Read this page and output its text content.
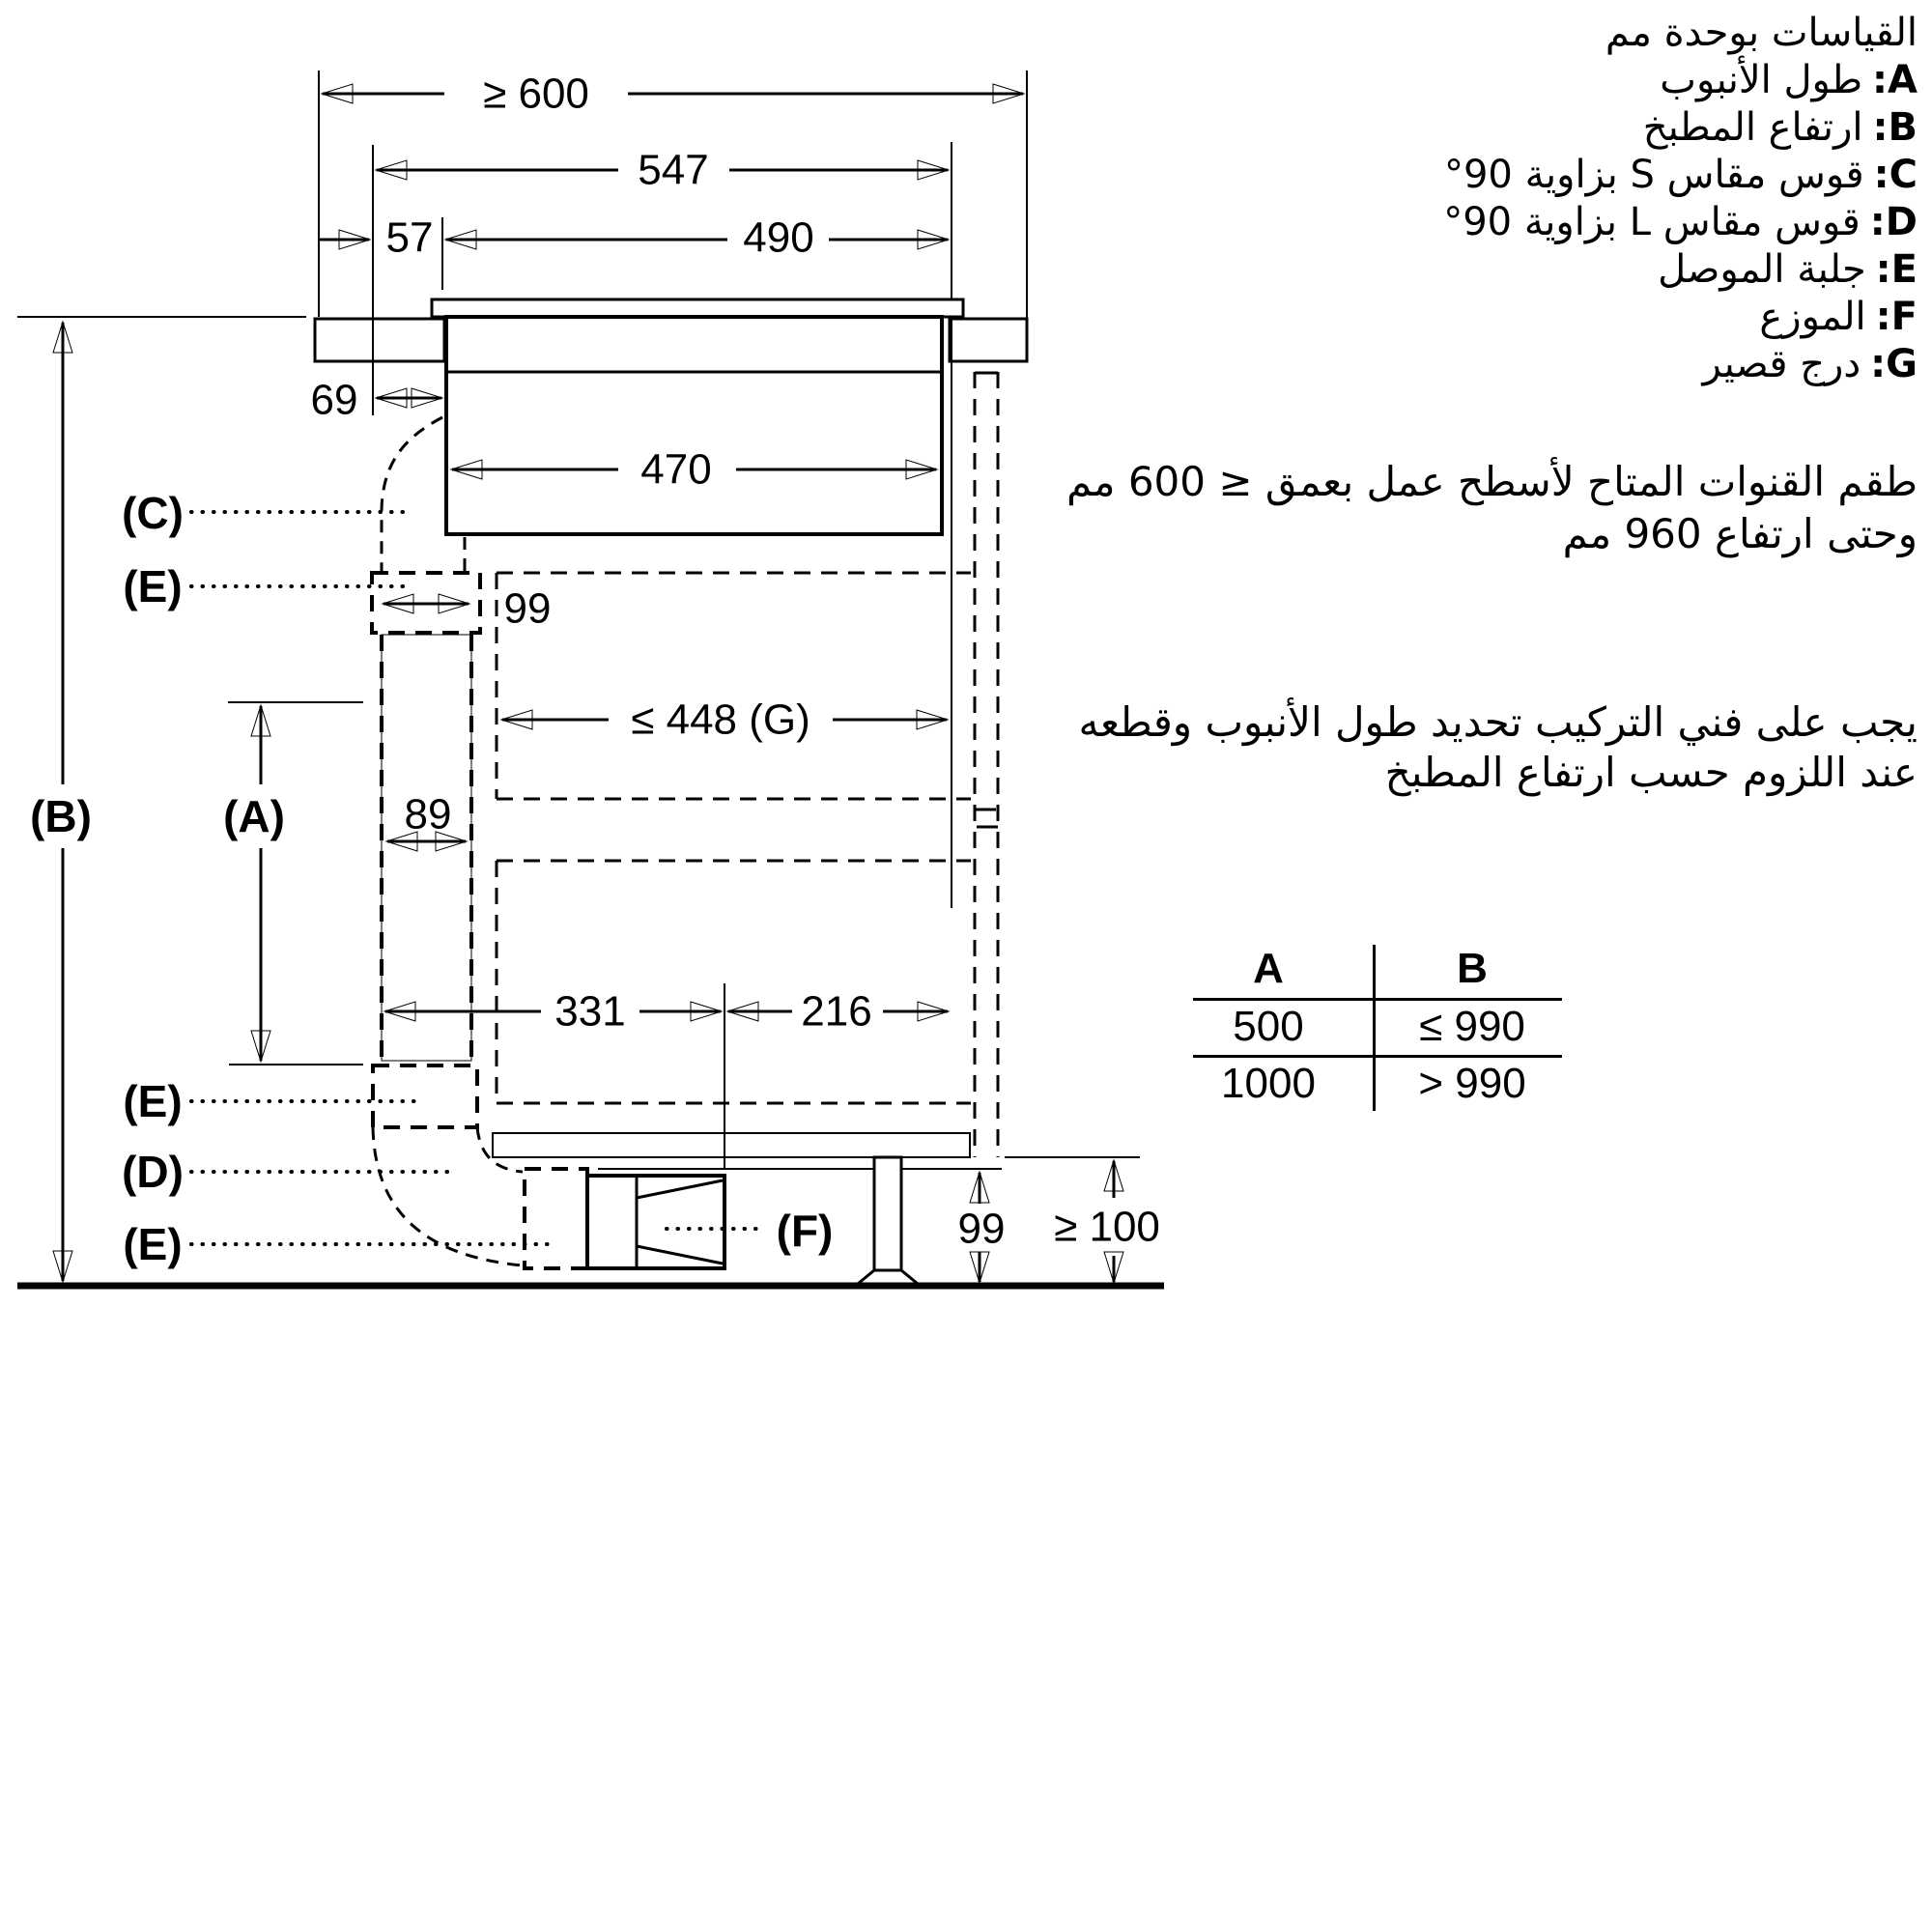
≥ 600
547
57	490
69
470
99
≤ 448 (G)
89
331	216
99 ≥ 100
(B)	(A)
(C)
(E)
(E)
(D)
(E)	(F)
القياسات بوحدة مم
A:طول الأنبوب
B:ارتفاع المطبخ
C:قوس مقاس S بزاوية 90°
D:قوس مقاس L بزاوية 90°
E:جلبة الموصل
F:الموزع
G:درج قصير
طقم القنوات المتاح لأسطح عمل بعمق ≤ 600 مم
وحتى ارتفاع 960 مم
يجب على فني التركيب تحديد طول الأنبوب وقطعه
عند اللزوم حسب ارتفاع المطبخ
A	B
500	≤ 990
1000	> 990
